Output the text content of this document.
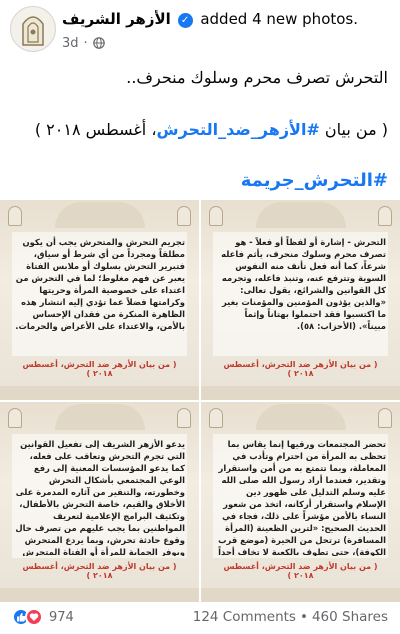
الأزهر الشريف ✓ added 4 new photos.
3d ·
التحرش تصرف محرم وسلوك منحرف..
( من بيان #الأزهر_ضد_التحرش، أغسطس ٢٠١٨ )
#التحرش_جريمة
تجريم التحرش والمتحرش يجب أن يكون مطلقاً ومجرداً من أي شرط أو سياق، فتبرير التحرش بسلوك أو ملابس الفتاة يعبر عن فهم مغلوط؛ لما في التحرش من اعتداء على خصوصية المرأة وحريتها وكرامتها فضلاً عما تؤدي إليه انتشار هذه الظاهرة المنكرة من فقدان الإحساس بالأمن، والاعتداء على الأعراض والحرمات.
( من بيان الأزهر ضد التحرش، أغسطس ٢٠١٨ )
التحرش - إشارة أو لفظاً أو فعلاً - هو تصرف محرم وسلوك منحرف، يأثم فاعله شرعاً، كما أنه فعل تأنف منه النفوس السوية وتترفع عنه، وتنبذ فاعله، وتجرمه كل القوانين والشرائع، يقول تعالى: «والذين يؤذون المؤمنين والمؤمنات بغير ما اكتسبوا فقد احتملوا بهتاناً وإثماً مبيناً». (الأحزاب: ٥٨).
( من بيان الأزهر ضد التحرش، أغسطس ٢٠١٨ )
يدعو الأزهر الشريف إلى تفعيل القوانين التي تجرم التحرش وتعاقب على فعله، كما يدعو المؤسسات المعنية إلى رفع الوعي المجتمعي بأشكال التحرش وخطورته، والتنفير من آثاره المدمرة على الأخلاق والقيم، خاصة التحرش بالأطفال، وتكثيف البرامج الإعلامية لتعريف المواطنين بما يجب عليهم من تصرف حال وقوع حادثة تحرش، وبما يردع المتحرش ويوفر الحماية للمرأة أو الفتاة المتحرش
( من بيان الأزهر ضد التحرش، أغسطس ٢٠١٨ )
تحضر المجتمعات ورقيها إنما يقاس بما تحظى به المرأة من احترام وتأدب في المعاملة، وبما تتمتع به من أمن واستقرار وتقدير، فعندما أراد رسول الله صلى الله عليه وسلم التدليل على ظهور دين الإسلام واستقرار أركانه، اتخذ من شعور النساء بالأمن مؤشراً على ذلك، فجاء في الحديث الصحيح: «لترين الظعينة (المرأة المسافرة) ترتحل من الحيرة (موضع قرب الكوفة)، حتى تطوف بالكعبة لا تخاف أحداً
( من بيان الأزهر ضد التحرش، أغسطس ٢٠١٨ )
974	124 Comments • 460 Shares
